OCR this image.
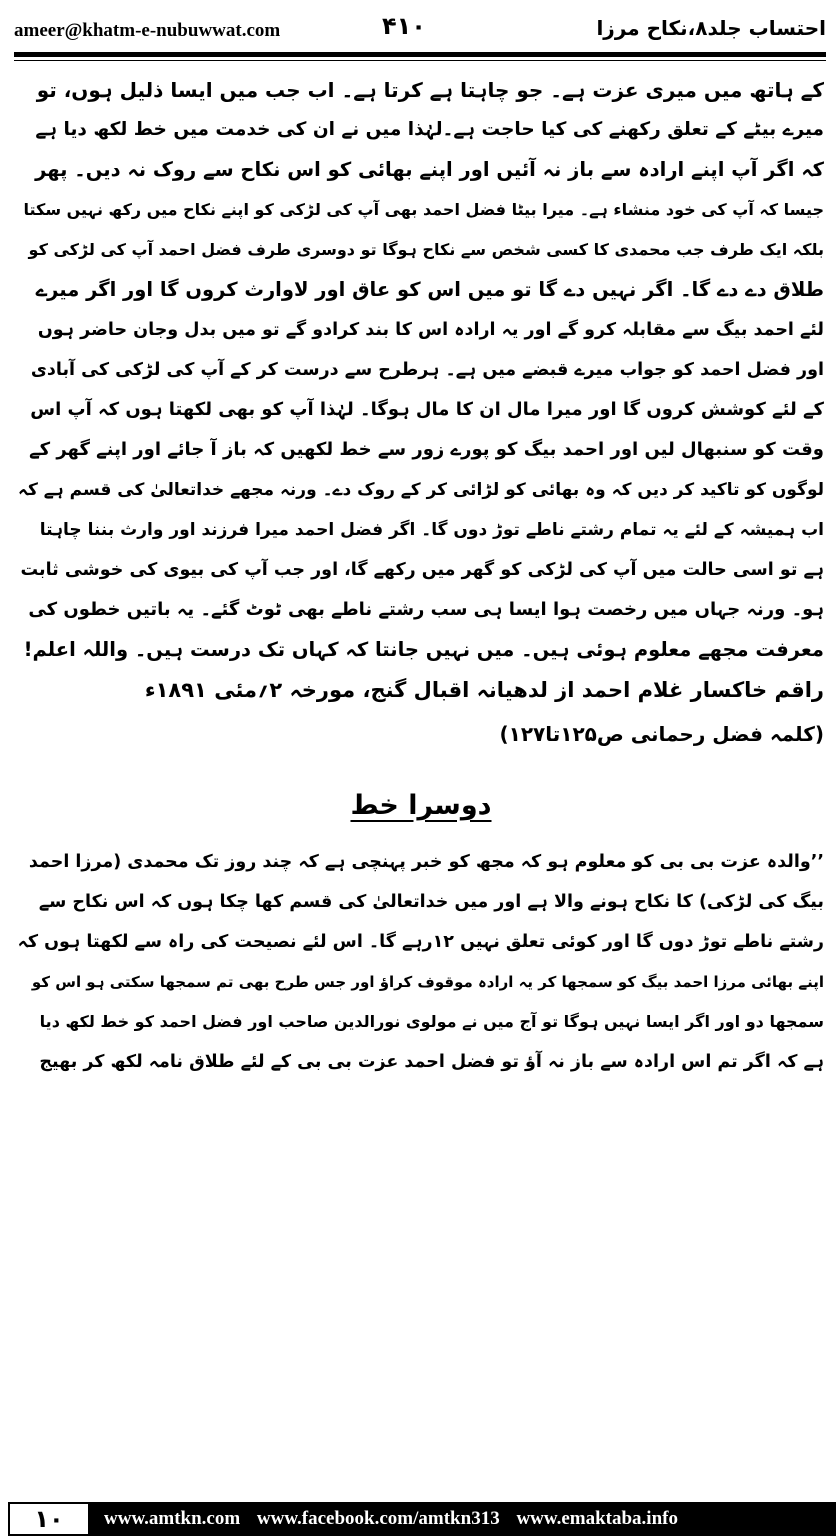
ameer@khatm-e-nubuwwat.com	۴۱۰	احتساب جلد۸،نکاح مرزا
کے ہاتھ میں میری عزت ہے۔ جو چاہتا ہے کرتا ہے۔ اب جب میں ایسا ذلیل ہوں، تو
میرے بیٹے کے تعلق رکھنے کی کیا حاجت ہے۔لہٰذا میں نے ان کی خدمت میں خط لکھ دیا ہے
کہ اگر آپ اپنے ارادہ سے باز نہ آئیں اور اپنے بھائی کو اس نکاح سے روک نہ دیں۔ پھر
جیسا کہ آپ کی خود منشاء ہے۔ میرا بیٹا فضل احمد بھی آپ کی لڑکی کو اپنے نکاح میں رکھ نہیں سکتا
بلکہ ایک طرف جب محمدی کا کسی شخص سے نکاح ہوگا تو دوسری طرف فضل احمد آپ کی لڑکی کو
طلاق دے دے گا۔ اگر نہیں دے گا تو میں اس کو عاق اور لاوارث کروں گا اور اگر میرے
لئے احمد بیگ سے مقابلہ کرو گے اور یہ ارادہ اس کا بند کرادو گے تو میں بدل وجان حاضر ہوں
اور فضل احمد کو جواب میرے قبضے میں ہے۔ ہرطرح سے درست کر کے آپ کی لڑکی کی آبادی
کے لئے کوشش کروں گا اور میرا مال ان کا مال ہوگا۔ لہٰذا آپ کو بھی لکھتا ہوں کہ آپ اس
وقت کو سنبھال لیں اور احمد بیگ کو پورے زور سے خط لکھیں کہ باز آ جائے اور اپنے گھر کے
لوگوں کو تاکید کر دیں کہ وہ بھائی کو لڑائی کر کے روک دے۔ ورنہ مجھے خداتعالیٰ کی قسم ہے کہ
اب ہمیشہ کے لئے یہ تمام رشتے ناطے توڑ دوں گا۔ اگر فضل احمد میرا فرزند اور وارث بننا چاہتا
ہے تو اسی حالت میں آپ کی لڑکی کو گھر میں رکھے گا، اور جب آپ کی بیوی کی خوشی ثابت
ہو۔ ورنہ جہاں میں رخصت ہوا ایسا ہی سب رشتے ناطے بھی ٹوٹ گئے۔ یہ باتیں خطوں کی
معرفت مجھے معلوم ہوئی ہیں۔ میں نہیں جانتا کہ کہاں تک درست ہیں۔ واللہ اعلم!
راقم خاکسار غلام احمد از لدھیانہ اقبال گنج، مورخہ ۲؍مئی ۱۸۹۱ء
(کلمہ فضل رحمانی ص۱۲۵تا۱۲۷)
دوسرا خط
’’والدہ عزت بی بی کو معلوم ہو کہ مجھ کو خبر پہنچی ہے کہ چند روز تک محمدی (مرزا احمد
بیگ کی لڑکی) کا نکاح ہونے والا ہے اور میں خداتعالیٰ کی قسم کھا چکا ہوں کہ اس نکاح سے
رشتے ناطے توڑ دوں گا اور کوئی تعلق نہیں ۱۲رہے گا۔ اس لئے نصیحت کی راہ سے لکھتا ہوں کہ
اپنے بھائی مرزا احمد بیگ کو سمجھا کر یہ ارادہ موقوف کراؤ اور جس طرح بھی تم سمجھا سکتی ہو اس کو
سمجھا دو اور اگر ایسا نہیں ہوگا تو آج میں نے مولوی نورالدین صاحب اور فضل احمد کو خط لکھ دیا
ہے کہ اگر تم اس ارادہ سے باز نہ آؤ تو فضل احمد عزت بی بی کے لئے طلاق نامہ لکھ کر بھیج
۱۰	www.amtkn.com www.facebook.com/amtkn313 www.emaktaba.info
